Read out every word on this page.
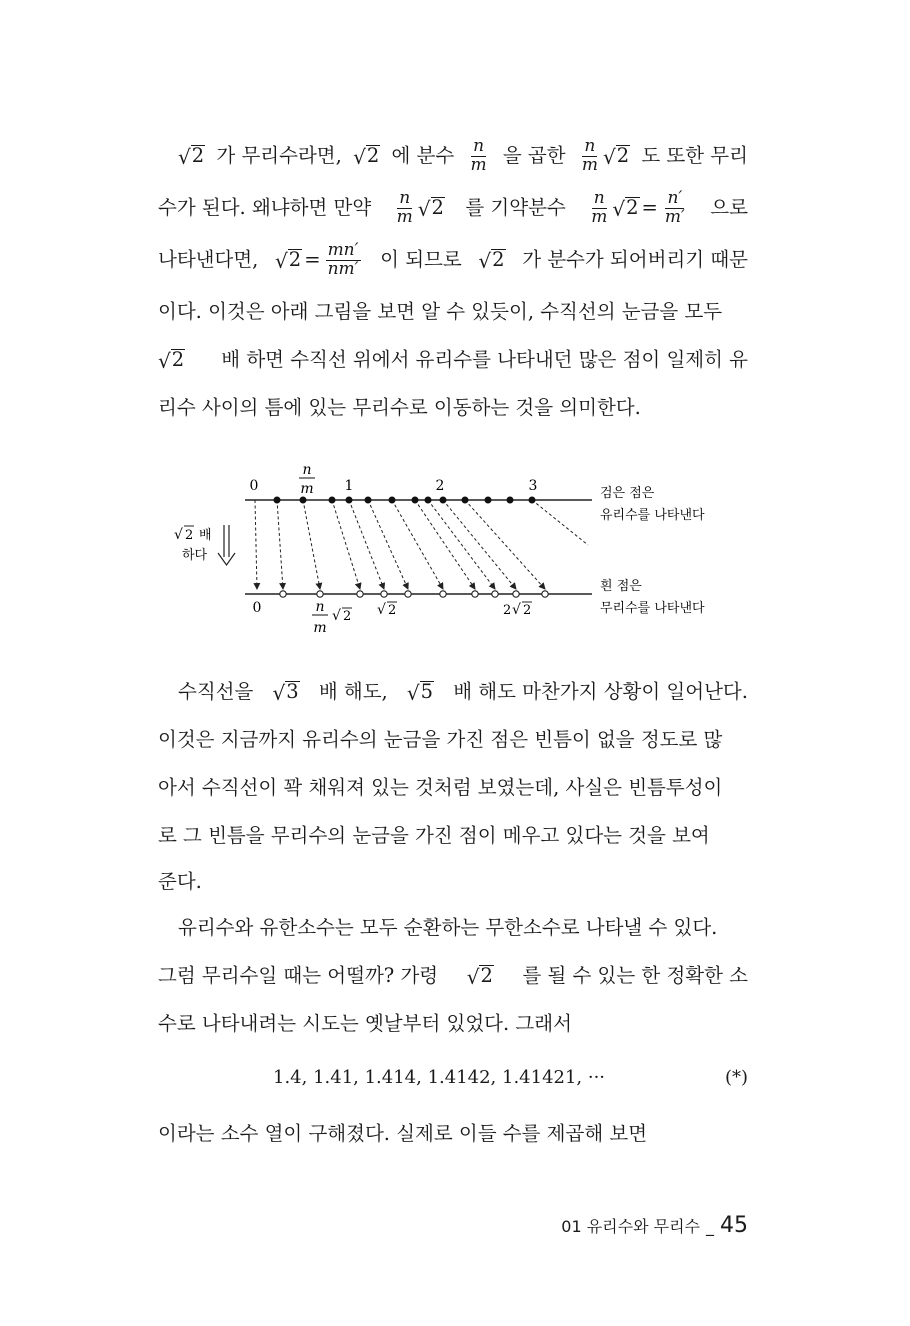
√ 2 가 무리수라면, √ 2 에 분수 $\frac{n}{m}$ 을 곱한 $\frac{n}{m}$ √ 2 도 또한 무리
수가 된다. 왜냐하면 만약 $\frac{n}{m}$ √ 2 를 기약분수 $\frac{n}{m}$ √ $2 = \frac{n'}{m'}$ 으로
나타낸다면, √ $2 = \frac{mn'}{nm'}$ 이 되므로 √ 2 가 분수가 되어버리기 때문
이다. 이것은 아래 그림을 보면 알 수 있듯이, 수직선의 눈금을 모두
√ 2 배 하면 수직선 위에서 유리수를 나타내던 많은 점이 일제히 유
리수 사이의 틈에 있는 무리수로 이동하는 것을 의미한다.
0	1	2	3
n
m
√ 2 배
하다
검은 점은
유리수를 나타낸다
흰 점은
무리수를 나타낸다
0	n
m
√ 2 √ 2	2 √ 2
수직선을 √ 3 배 해도, √ 5 배 해도 마찬가지 상황이 일어난다.
이것은 지금까지 유리수의 눈금을 가진 점은 빈틈이 없을 정도로 많
아서 수직선이 꽉 채워져 있는 것처럼 보였는데, 사실은 빈틈투성이
로 그 빈틈을 무리수의 눈금을 가진 점이 메우고 있다는 것을 보여
준다.
유리수와 유한소수는 모두 순환하는 무한소수로 나타낼 수 있다.
그럼 무리수일 때는 어떨까? 가령 √ 2 를 될 수 있는 한 정확한 소
수로 나타내려는 시도는 옛날부터 있었다. 그래서
1.4, 1.41, 1.414, 1.4142, 1.41421, ···	(*)
이라는 소수 열이 구해졌다. 실제로 이들 수를 제곱해 보면
01 유리수와 무리수 _ 45
